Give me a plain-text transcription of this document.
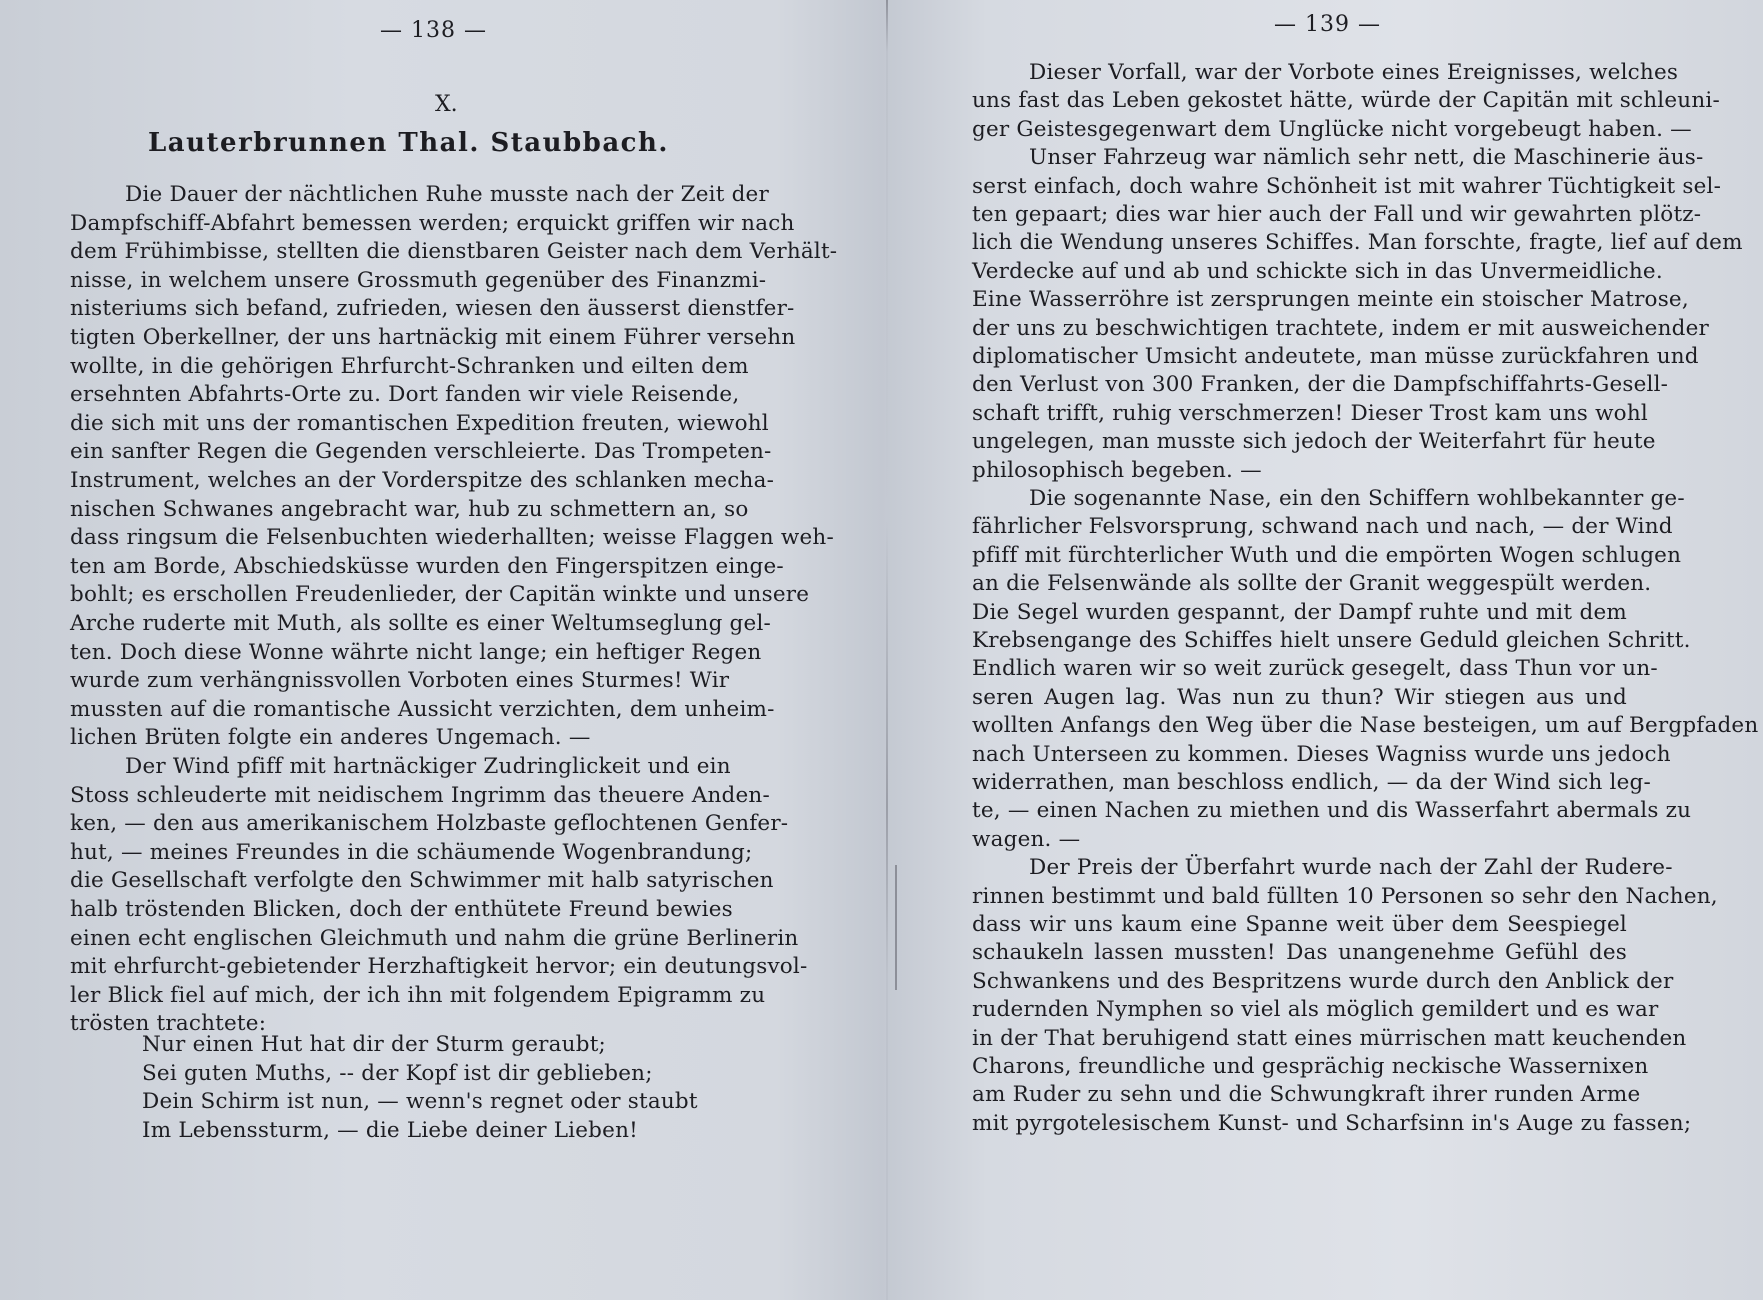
— 138 —
X.
Lauterbrunnen Thal. Staubbach.
Die Dauer der nächtlichen Ruhe musste nach der Zeit der
Dampfschiff-Abfahrt bemessen werden; erquickt griffen wir nach
dem Frühimbisse, stellten die dienstbaren Geister nach dem Verhält-
nisse, in welchem unsere Grossmuth gegenüber des Finanzmi-
nisteriums sich befand, zufrieden, wiesen den äusserst dienstfer-
tigten Oberkellner, der uns hartnäckig mit einem Führer versehn
wollte, in die gehörigen Ehrfurcht-Schranken und eilten dem
ersehnten Abfahrts-Orte zu. Dort fanden wir viele Reisende,
die sich mit uns der romantischen Expedition freuten, wiewohl
ein sanfter Regen die Gegenden verschleierte. Das Trompeten-
Instrument, welches an der Vorderspitze des schlanken mecha-
nischen Schwanes angebracht war, hub zu schmettern an, so
dass ringsum die Felsenbuchten wiederhallten; weisse Flaggen weh-
ten am Borde, Abschiedsküsse wurden den Fingerspitzen einge-
bohlt; es erschollen Freudenlieder, der Capitän winkte und unsere
Arche ruderte mit Muth, als sollte es einer Weltumseglung gel-
ten. Doch diese Wonne währte nicht lange; ein heftiger Regen
wurde zum verhängnissvollen Vorboten eines Sturmes! Wir
mussten auf die romantische Aussicht verzichten, dem unheim-
lichen Brüten folgte ein anderes Ungemach. —
Der Wind pfiff mit hartnäckiger Zudringlickeit und ein
Stoss schleuderte mit neidischem Ingrimm das theuere Anden-
ken, — den aus amerikanischem Holzbaste geflochtenen Genfer-
hut, — meines Freundes in die schäumende Wogenbrandung;
die Gesellschaft verfolgte den Schwimmer mit halb satyrischen
halb tröstenden Blicken, doch der enthütete Freund bewies
einen echt englischen Gleichmuth und nahm die grüne Berlinerin
mit ehrfurcht-gebietender Herzhaftigkeit hervor; ein deutungsvol-
ler Blick fiel auf mich, der ich ihn mit folgendem Epigramm zu
trösten trachtete:
Nur einen Hut hat dir der Sturm geraubt;
Sei guten Muths, -- der Kopf ist dir geblieben;
Dein Schirm ist nun, — wenn's regnet oder staubt
Im Lebenssturm, — die Liebe deiner Lieben!
— 139 —
Dieser Vorfall, war der Vorbote eines Ereignisses, welches
uns fast das Leben gekostet hätte, würde der Capitän mit schleuni-
ger Geistesgegenwart dem Unglücke nicht vorgebeugt haben. —
Unser Fahrzeug war nämlich sehr nett, die Maschinerie äus-
serst einfach, doch wahre Schönheit ist mit wahrer Tüchtigkeit sel-
ten gepaart; dies war hier auch der Fall und wir gewahrten plötz-
lich die Wendung unseres Schiffes. Man forschte, fragte, lief auf dem
Verdecke auf und ab und schickte sich in das Unvermeidliche.
Eine Wasserröhre ist zersprungen meinte ein stoischer Matrose,
der uns zu beschwichtigen trachtete, indem er mit ausweichender
diplomatischer Umsicht andeutete, man müsse zurückfahren und
den Verlust von 300 Franken, der die Dampfschiffahrts-Gesell-
schaft trifft, ruhig verschmerzen! Dieser Trost kam uns wohl
ungelegen, man musste sich jedoch der Weiterfahrt für heute
philosophisch begeben. —
Die sogenannte Nase, ein den Schiffern wohlbekannter ge-
fährlicher Felsvorsprung, schwand nach und nach, — der Wind
pfiff mit fürchterlicher Wuth und die empörten Wogen schlugen
an die Felsenwände als sollte der Granit weggespült werden.
Die Segel wurden gespannt, der Dampf ruhte und mit dem
Krebsengange des Schiffes hielt unsere Geduld gleichen Schritt.
Endlich waren wir so weit zurück gesegelt, dass Thun vor un-
seren Augen lag. Was nun zu thun? Wir stiegen aus und
wollten Anfangs den Weg über die Nase besteigen, um auf Bergpfaden
nach Unterseen zu kommen. Dieses Wagniss wurde uns jedoch
widerrathen, man beschloss endlich, — da der Wind sich leg-
te, — einen Nachen zu miethen und dis Wasserfahrt abermals zu
wagen. —
Der Preis der Überfahrt wurde nach der Zahl der Rudere-
rinnen bestimmt und bald füllten 10 Personen so sehr den Nachen,
dass wir uns kaum eine Spanne weit über dem Seespiegel
schaukeln lassen mussten! Das unangenehme Gefühl des
Schwankens und des Bespritzens wurde durch den Anblick der
rudernden Nymphen so viel als möglich gemildert und es war
in der That beruhigend statt eines mürrischen matt keuchenden
Charons, freundliche und gesprächig neckische Wassernixen
am Ruder zu sehn und die Schwungkraft ihrer runden Arme
mit pyrgotelesischem Kunst- und Scharfsinn in's Auge zu fassen;
